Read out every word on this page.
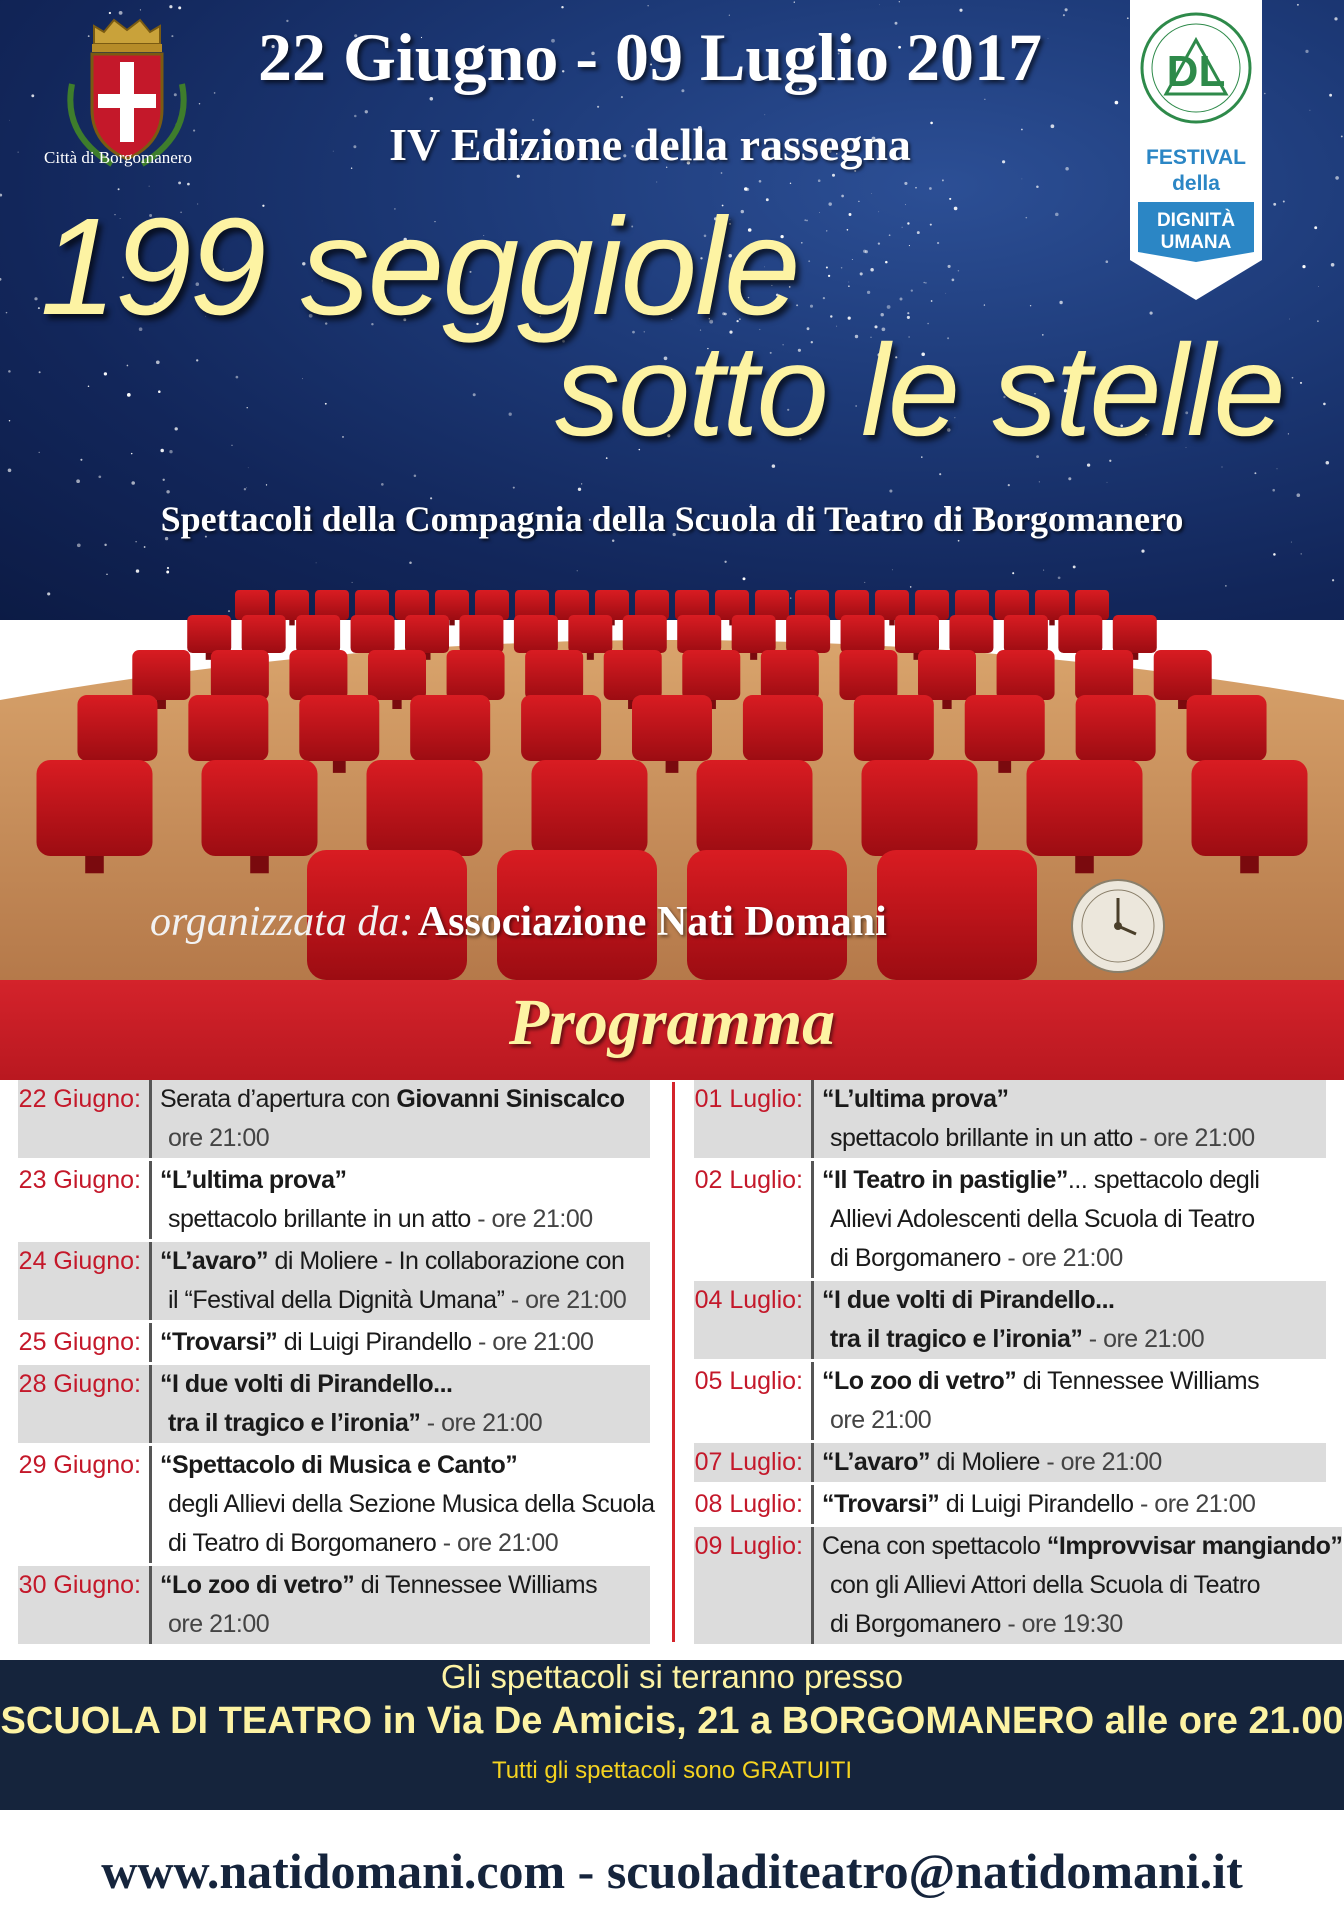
Città di Borgomanero
22 Giugno - 09 Luglio 2017
IV Edizione della rassegna
199 seggiole
sotto le stelle
Spettacoli della Compagnia della Scuola di Teatro di Borgomanero
DL
FESTIVAL
della
DIGNITÀ
UMANA
organizzata da: Associazione Nati Domani
Programma
22 Giugno: Serata d’apertura con Giovanni Siniscalco
ore 21:00
23 Giugno: “L’ultima prova”
spettacolo brillante in un atto - ore 21:00
24 Giugno: “L’avaro” di Moliere - In collaborazione con
il “Festival della Dignità Umana” - ore 21:00
25 Giugno: “Trovarsi” di Luigi Pirandello - ore 21:00
28 Giugno: “I due volti di Pirandello...
tra il tragico e l’ironia” - ore 21:00
29 Giugno: “Spettacolo di Musica e Canto”
degli Allievi della Sezione Musica della Scuola
di Teatro di Borgomanero - ore 21:00
30 Giugno: “Lo zoo di vetro” di Tennessee Williams
ore 21:00
01 Luglio: “L’ultima prova”
spettacolo brillante in un atto - ore 21:00
02 Luglio: “Il Teatro in pastiglie”... spettacolo degli
Allievi Adolescenti della Scuola di Teatro
di Borgomanero - ore 21:00
04 Luglio: “I due volti di Pirandello...
tra il tragico e l’ironia” - ore 21:00
05 Luglio: “Lo zoo di vetro” di Tennessee Williams
ore 21:00
07 Luglio: “L’avaro” di Moliere - ore 21:00
08 Luglio: “Trovarsi” di Luigi Pirandello - ore 21:00
09 Luglio: Cena con spettacolo “Improvvisar mangiando”
con gli Allievi Attori della Scuola di Teatro
di Borgomanero - ore 19:30
Gli spettacoli si terranno presso
SCUOLA DI TEATRO in Via De Amicis, 21 a BORGOMANERO alle ore 21.00
Tutti gli spettacoli sono GRATUITI
www.natidomani.com - scuoladiteatro@natidomani.it
